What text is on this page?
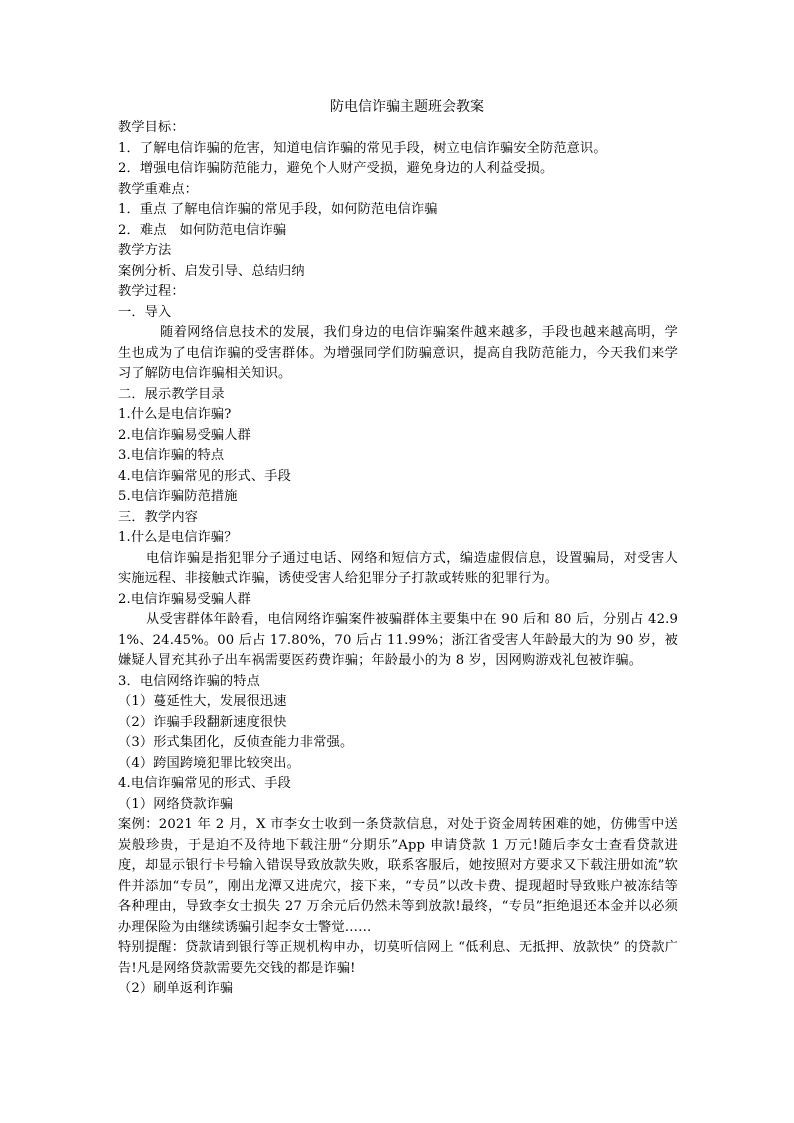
防电信诈骗主题班会教案
教学目标：
1．了解电信诈骗的危害，知道电信诈骗的常见手段，树立电信诈骗安全防范意识。
2．增强电信诈骗防范能力，避免个人财产受损，避免身边的人利益受损。
教学重难点：
1．重点 了解电信诈骗的常见手段，如何防范电信诈骗
2．难点   如何防范电信诈骗
教学方法
案例分析、启发引导、总结归纳
教学过程：
一．导入
随着网络信息技术的发展，我们身边的电信诈骗案件越来越多，手段也越来越高明，学生也成为了电信诈骗的受害群体。为增强同学们防骗意识，提高自我防范能力，今天我们来学习了解防电信诈骗相关知识。
二．展示教学目录
1.什么是电信诈骗?
2.电信诈骗易受骗人群
3.电信诈骗的特点
4.电信诈骗常见的形式、手段
5.电信诈骗防范措施
三．教学内容
1.什么是电信诈骗？
电信诈骗是指犯罪分子通过电话、网络和短信方式，编造虚假信息，设置骗局，对受害人实施远程、非接触式诈骗，诱使受害人给犯罪分子打款或转账的犯罪行为。
2.电信诈骗易受骗人群
从受害群体年龄看，电信网络诈骗案件被骗群体主要集中在 90 后和 80 后，分别占 42.91%、24.45%。00 后占 17.80%，70 后占 11.99%；浙江省受害人年龄最大的为 90 岁，被嫌疑人冒充其孙子出车祸需要医药费诈骗；年龄最小的为 8 岁，因网购游戏礼包被诈骗。
3．电信网络诈骗的特点
（1）蔓延性大，发展很迅速
（2）诈骗手段翻新速度很快
（3）形式集团化，反侦查能力非常强。
（4）跨国跨境犯罪比较突出。
4.电信诈骗常见的形式、手段
（1）网络贷款诈骗
案例：2021 年 2 月，X 市李女士收到一条贷款信息，对处于资金周转困难的她，仿佛雪中送炭般珍贵，于是迫不及待地下载注册“分期乐”App 申请贷款 1 万元!随后李女士查看贷款进度，却显示银行卡号输入错误导致放款失败，联系客服后，她按照对方要求又下载注册如流”软件并添加“专员”，刚出龙潭又进虎穴，接下来，“专员”以改卡费、提现超时导致账户被冻结等各种理由，导致李女士损失 27 万余元后仍然未等到放款!最终，“专员”拒绝退还本金并以必须办理保险为由继续诱骗引起李女士警觉……
特别提醒：贷款请到银行等正规机构申办，切莫听信网上 “低利息、无抵押、放款快” 的贷款广告!凡是网络贷款需要先交钱的都是诈骗!
（2）刷单返利诈骗
